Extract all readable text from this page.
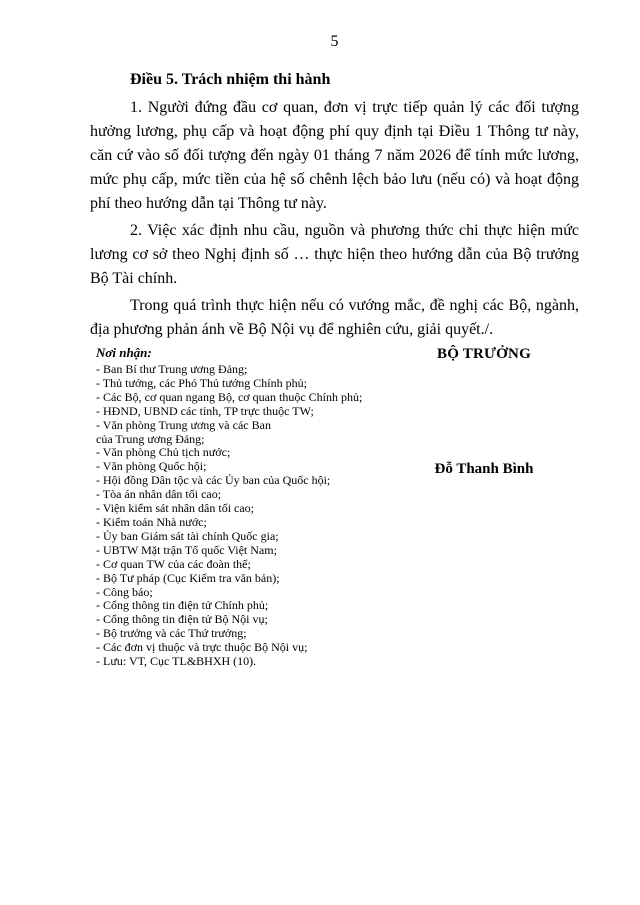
5
Điều 5. Trách nhiệm thi hành

1. Người đứng đầu cơ quan, đơn vị trực tiếp quản lý các đối tượng hưởng lương, phụ cấp và hoạt động phí quy định tại Điều 1 Thông tư này, căn cứ vào số đối tượng đến ngày 01 tháng 7 năm 2026 để tính mức lương, mức phụ cấp, mức tiền của hệ số chênh lệch bảo lưu (nếu có) và hoạt động phí theo hướng dẫn tại Thông tư này.

2. Việc xác định nhu cầu, nguồn và phương thức chi thực hiện mức lương cơ sở theo Nghị định số … thực hiện theo hướng dẫn của Bộ trưởng Bộ Tài chính.

Trong quá trình thực hiện nếu có vướng mắc, đề nghị các Bộ, ngành, địa phương phản ánh về Bộ Nội vụ để nghiên cứu, giải quyết./.

Nơi nhận:
- Ban Bí thư Trung ương Đảng;
- Thủ tướng, các Phó Thủ tướng Chính phủ;
- Các Bộ, cơ quan ngang Bộ, cơ quan thuộc Chính phủ;
- HĐND, UBND các tỉnh, TP trực thuộc TW;
- Văn phòng Trung ương và các Ban
của Trung ương Đảng;
- Văn phòng Chủ tịch nước;
- Văn phòng Quốc hội;
- Hội đồng Dân tộc và các Ủy ban của Quốc hội;
- Tòa án nhân dân tối cao;
- Viện kiểm sát nhân dân tối cao;
- Kiểm toán Nhà nước;
- Ủy ban Giám sát tài chính Quốc gia;
- UBTW Mặt trận Tổ quốc Việt Nam;
- Cơ quan TW của các đoàn thể;
- Bộ Tư pháp (Cục Kiểm tra văn bản);
- Công báo;
- Cổng thông tin điện tử Chính phủ;
- Cổng thông tin điện tử Bộ Nội vụ;
- Bộ trưởng và các Thứ trưởng;
- Các đơn vị thuộc và trực thuộc Bộ Nội vụ;
- Lưu: VT, Cục TL&BHXH (10).
BỘ TRƯỞNG
Đỗ Thanh Bình
